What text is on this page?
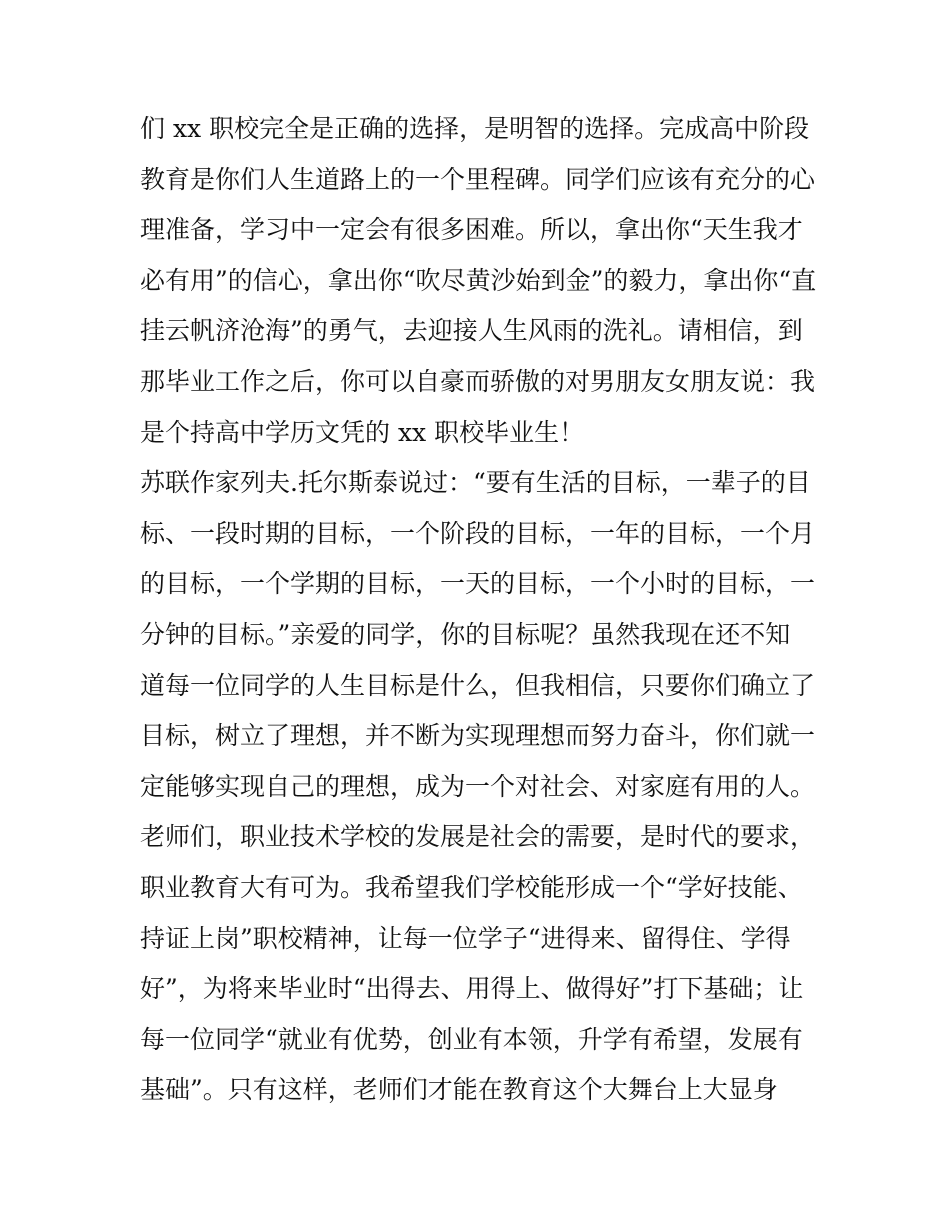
们 xx 职校完全是正确的选择，是明智的选择。完成高中阶段
教育是你们人生道路上的一个里程碑。同学们应该有充分的心
理准备，学习中一定会有很多困难。所以，拿出你“天生我才
必有用”的信心，拿出你“吹尽黄沙始到金”的毅力，拿出你“直
挂云帆济沧海”的勇气，去迎接人生风雨的洗礼。请相信，到
那毕业工作之后，你可以自豪而骄傲的对男朋友女朋友说：我
是个持高中学历文凭的 xx 职校毕业生！
苏联作家列夫.托尔斯泰说过：“要有生活的目标，一辈子的目
标、一段时期的目标，一个阶段的目标，一年的目标，一个月
的目标，一个学期的目标，一天的目标，一个小时的目标，一
分钟的目标。”亲爱的同学，你的目标呢？虽然我现在还不知
道每一位同学的人生目标是什么，但我相信，只要你们确立了
目标，树立了理想，并不断为实现理想而努力奋斗，你们就一
定能够实现自己的理想，成为一个对社会、对家庭有用的人。
老师们，职业技术学校的发展是社会的需要，是时代的要求，
职业教育大有可为。我希望我们学校能形成一个“学好技能、
持证上岗”职校精神，让每一位学子“进得来、留得住、学得
好”，为将来毕业时“出得去、用得上、做得好”打下基础；让
每一位同学“就业有优势，创业有本领，升学有希望，发展有
基础”。只有这样，老师们才能在教育这个大舞台上大显身
